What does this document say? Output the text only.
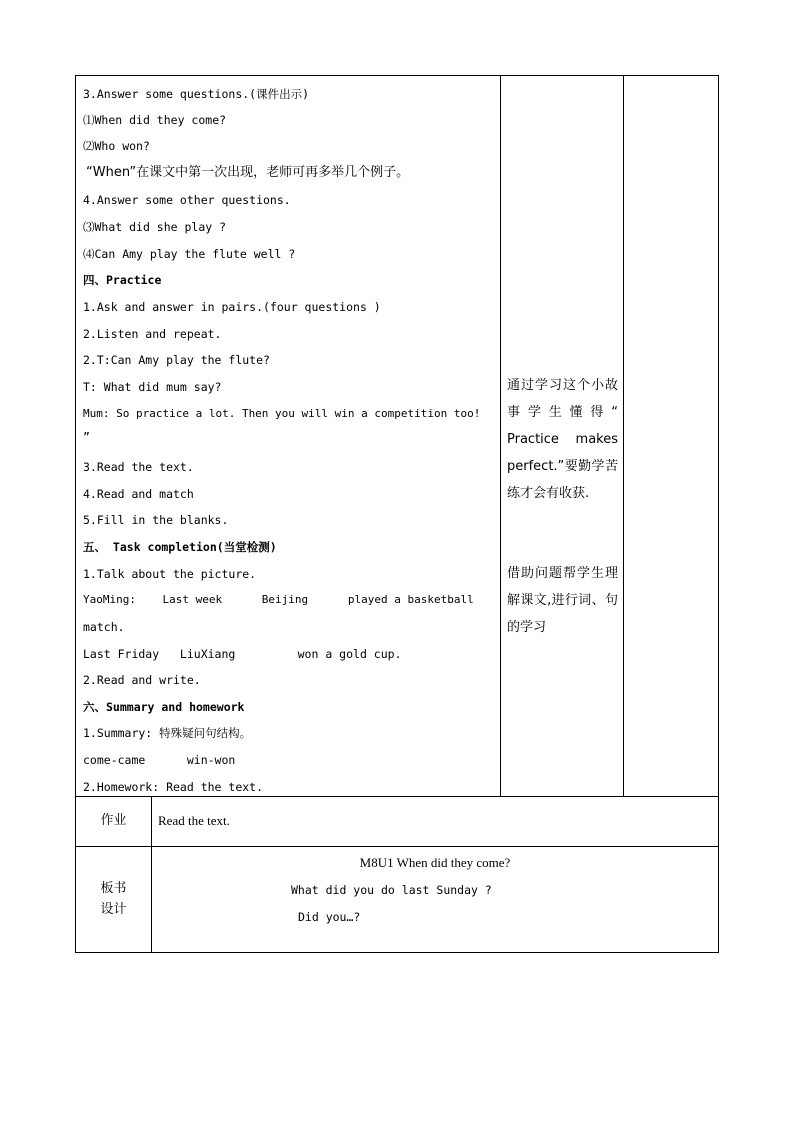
3.Answer some questions.(课件出示)
⑴When did they come?
⑵Who won?
“When”在课文中第一次出现，老师可再多举几个例子。
4.Answer some other questions.
⑶What did she play ?
⑷Can Amy play the flute well ?
四、Practice
1.Ask and answer in pairs.(four questions )
2.Listen and repeat.
2.T:Can Amy play the flute?
T: What did mum say?
Mum: So practice a lot. Then you will win a competition too!
”
3.Read the text.
4.Read and match
5.Fill in the blanks.
五、 Task completion(当堂检测)
1.Talk about the picture.
YaoMing:    Last week      Beijing      played a basketball
match.
Last Friday   LiuXiang         won a gold cup.
2.Read and write.
六、Summary and homework
1.Summary: 特殊疑问句结构。
come-came      win-won
2.Homework: Read the text.
通过学习这个小故事学生懂得“ Practice makes perfect.”要勤学苦练才会有收获.
借助问题帮学生理解课文,进行词、句的学习
作业	Read the text.
板书
设计
M8U1 When did they come?
What did you do last Sunday ?
Did you…?
